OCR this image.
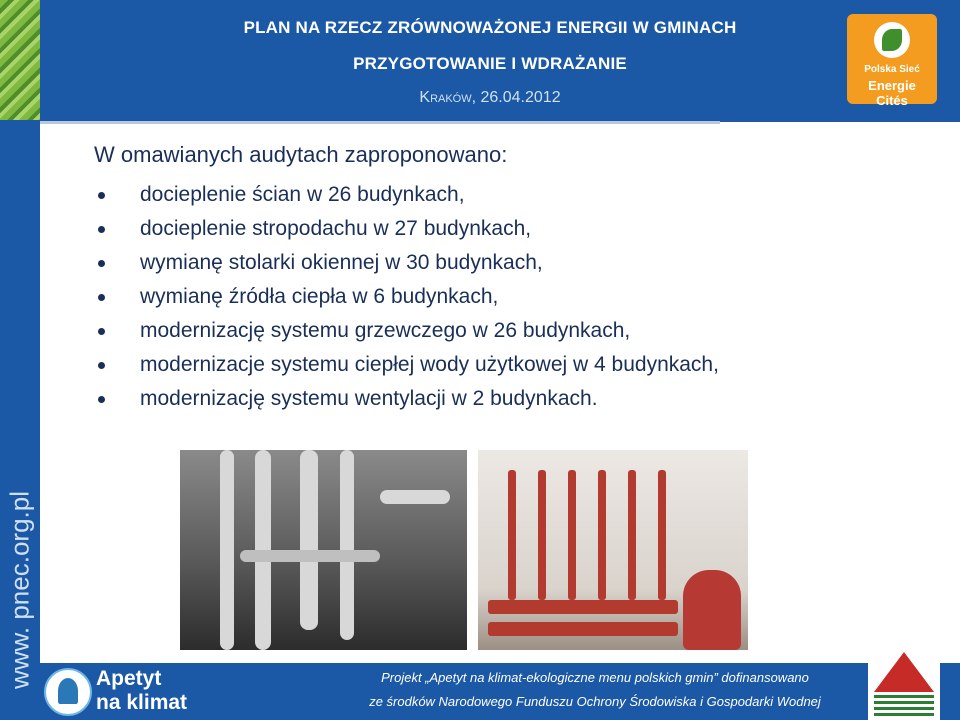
PLAN NA RZECZ ZRÓWNOWAŻONEJ ENERGII W GMINACH
PRZYGOTOWANIE I WDRAŻANIE
Kraków, 26.04.2012
Polska Sieć
Energie Cités
www. pnec.org.pl
W omawianych audytach zaproponowano:
docieplenie ścian w 26 budynkach,
docieplenie stropodachu w 27 budynkach,
wymianę stolarki okiennej w 30 budynkach,
wymianę źródła ciepła w 6 budynkach,
modernizację systemu grzewczego w 26 budynkach,
modernizacje systemu ciepłej wody użytkowej w 4 budynkach,
modernizację systemu wentylacji w 2 budynkach.
Apetyt
na klimat
Projekt „Apetyt na klimat-ekologiczne menu polskich gmin” dofinansowano
ze środków Narodowego Funduszu Ochrony Środowiska i Gospodarki Wodnej
